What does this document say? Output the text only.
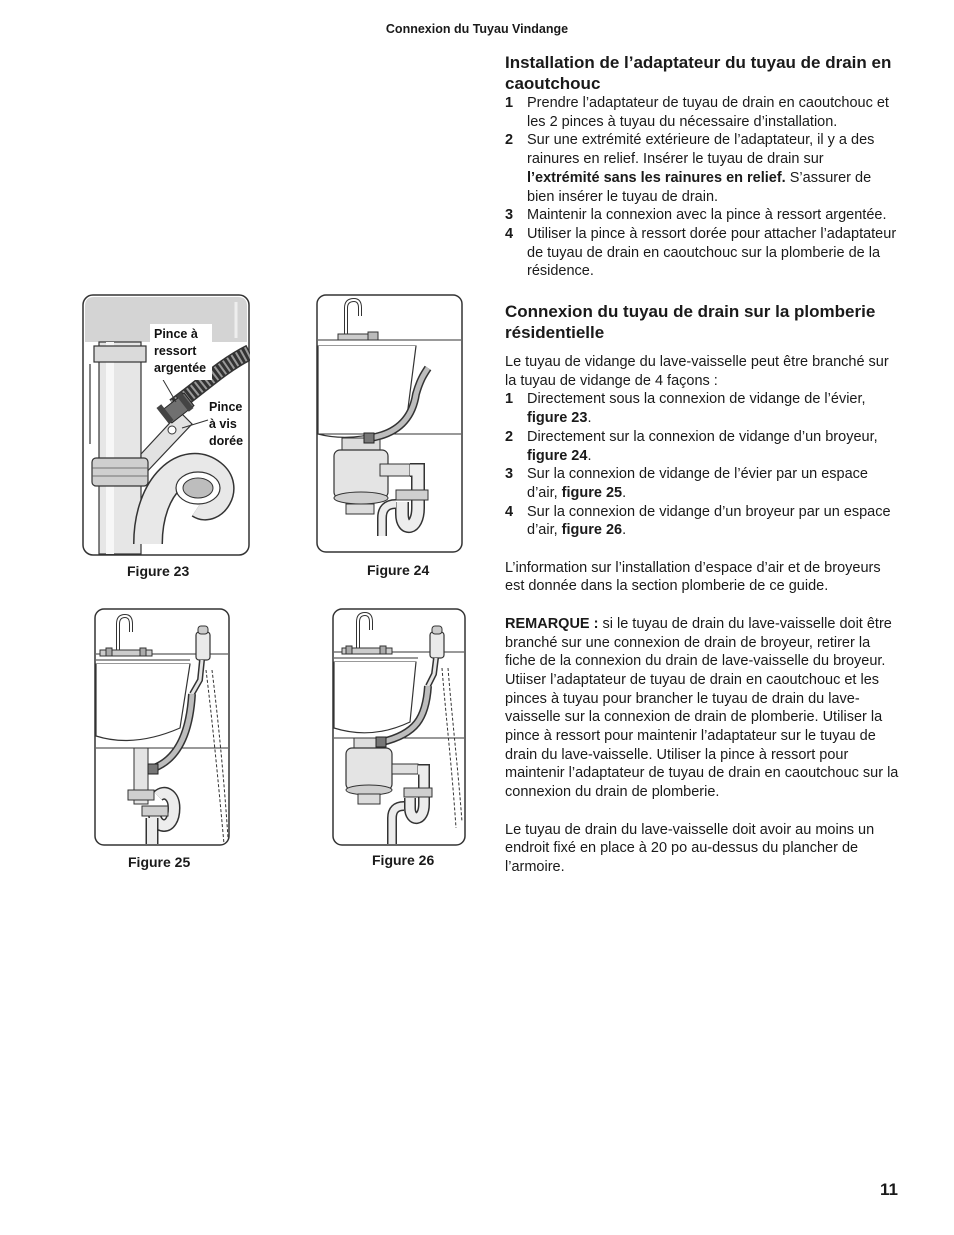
Connexion du Tuyau Vindange
Installation de l’adaptateur du tuyau de drain en caoutchouc
1 Prendre l’adaptateur de tuyau de drain en caoutchouc et les 2 pinces à tuyau du nécessaire d’installation.
2 Sur une extrémité extérieure de l’adaptateur, il y a des rainures en relief. Insérer le tuyau de drain sur l’extrémité sans les rainures en relief. S’assurer de bien insérer le tuyau de drain.
3 Maintenir la connexion avec la pince à ressort argentée.
4 Utiliser la pince à ressort dorée pour attacher l’adaptateur de tuyau de drain en caoutchouc sur la plomberie de la résidence.
Connexion du tuyau de drain sur la plomberie résidentielle

Le tuyau de vidange du lave-vaisselle peut être branché sur la tuyau de vidange de 4 façons :

1 Directement sous la connexion de vidange de l’évier, figure 23.
2 Directement sur la connexion de vidange d’un broyeur, figure 24.
3 Sur la connexion de vidange de l’évier par un espace d’air, figure 25.
4 Sur la connexion de vidange d’un broyeur par un espace d’air, figure 26.

L’information sur l’installation d’espace d’air et de broyeurs est donnée dans la section plomberie de ce guide.

REMARQUE : si le tuyau de drain du lave-vaisselle doit être branché sur une connexion de drain de broyeur, retirer la fiche de la connexion du drain de lave-vaisselle du broyeur.

Utiiser l’adaptateur de tuyau de drain en caoutchouc et les pinces à tuyau pour brancher le tuyau de drain du lave-vaisselle sur la connexion de drain de plomberie. Utiliser la pince à ressort pour maintenir l’adaptateur sur le tuyau de drain du lave-vaisselle. Utiliser la pince à ressort pour maintenir l’adaptateur de tuyau de drain en caoutchouc sur la connexion du drain de plomberie.

Le tuyau de drain du lave-vaisselle doit avoir au moins un endroit fixé en place à 20 po au-dessus du plancher de l’armoire.

Pince à
ressort
argentée
Pince
à vis
dorée
Figure 23	Figure 24
Figure 25	Figure 26
11
